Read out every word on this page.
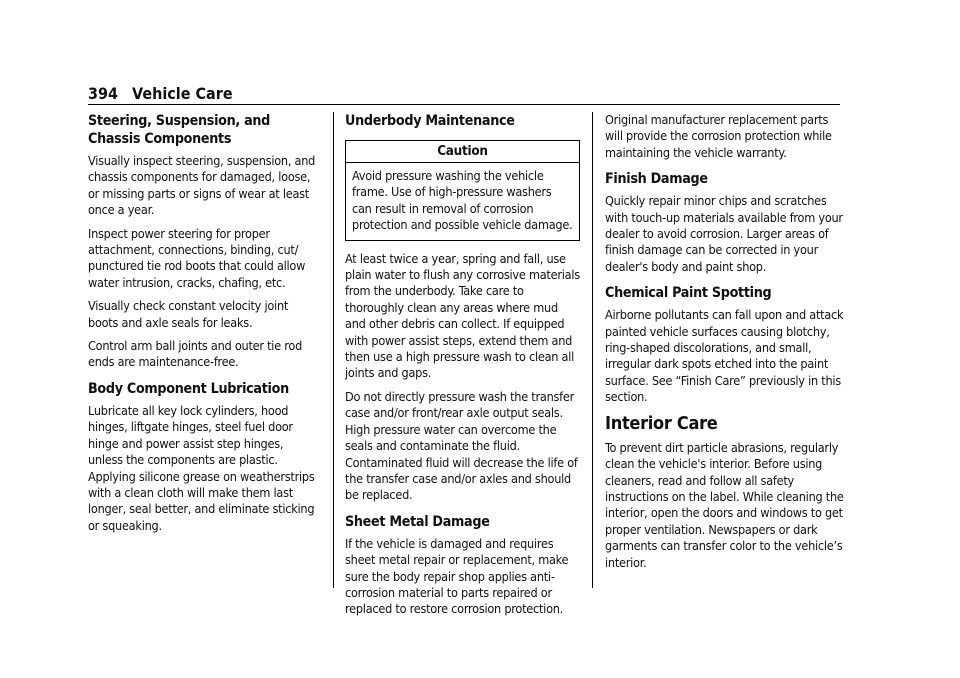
394 Vehicle Care
Steering, Suspension, and Chassis Components

Visually inspect steering, suspension, and chassis components for damaged, loose, or missing parts or signs of wear at least once a year.

Inspect power steering for proper attachment, connections, binding, cut/ punctured tie rod boots that could allow water intrusion, cracks, chafing, etc.

Visually check constant velocity joint boots and axle seals for leaks.

Control arm ball joints and outer tie rod ends are maintenance-free.

Body Component Lubrication

Lubricate all key lock cylinders, hood hinges, liftgate hinges, steel fuel door hinge and power assist step hinges, unless the components are plastic. Applying silicone grease on weatherstrips with a clean cloth will make them last longer, seal better, and eliminate sticking or squeaking.

Underbody Maintenance
Caution
Avoid pressure washing the vehicle frame. Use of high-pressure washers can result in removal of corrosion protection and possible vehicle damage.

At least twice a year, spring and fall, use plain water to flush any corrosive materials from the underbody. Take care to thoroughly clean any areas where mud and other debris can collect. If equipped with power assist steps, extend them and then use a high pressure wash to clean all joints and gaps.

Do not directly pressure wash the transfer case and/or front/rear axle output seals. High pressure water can overcome the seals and contaminate the fluid. Contaminated fluid will decrease the life of the transfer case and/or axles and should be replaced.

Sheet Metal Damage

If the vehicle is damaged and requires sheet metal repair or replacement, make sure the body repair shop applies anti-corrosion material to parts repaired or replaced to restore corrosion protection.

Original manufacturer replacement parts will provide the corrosion protection while maintaining the vehicle warranty.

Finish Damage

Quickly repair minor chips and scratches with touch-up materials available from your dealer to avoid corrosion. Larger areas of finish damage can be corrected in your dealer's body and paint shop.

Chemical Paint Spotting

Airborne pollutants can fall upon and attack painted vehicle surfaces causing blotchy, ring-shaped discolorations, and small, irregular dark spots etched into the paint surface. See “Finish Care” previously in this section.

Interior Care

To prevent dirt particle abrasions, regularly clean the vehicle's interior. Before using cleaners, read and follow all safety instructions on the label. While cleaning the interior, open the doors and windows to get proper ventilation. Newspapers or dark garments can transfer color to the vehicle’s interior.
